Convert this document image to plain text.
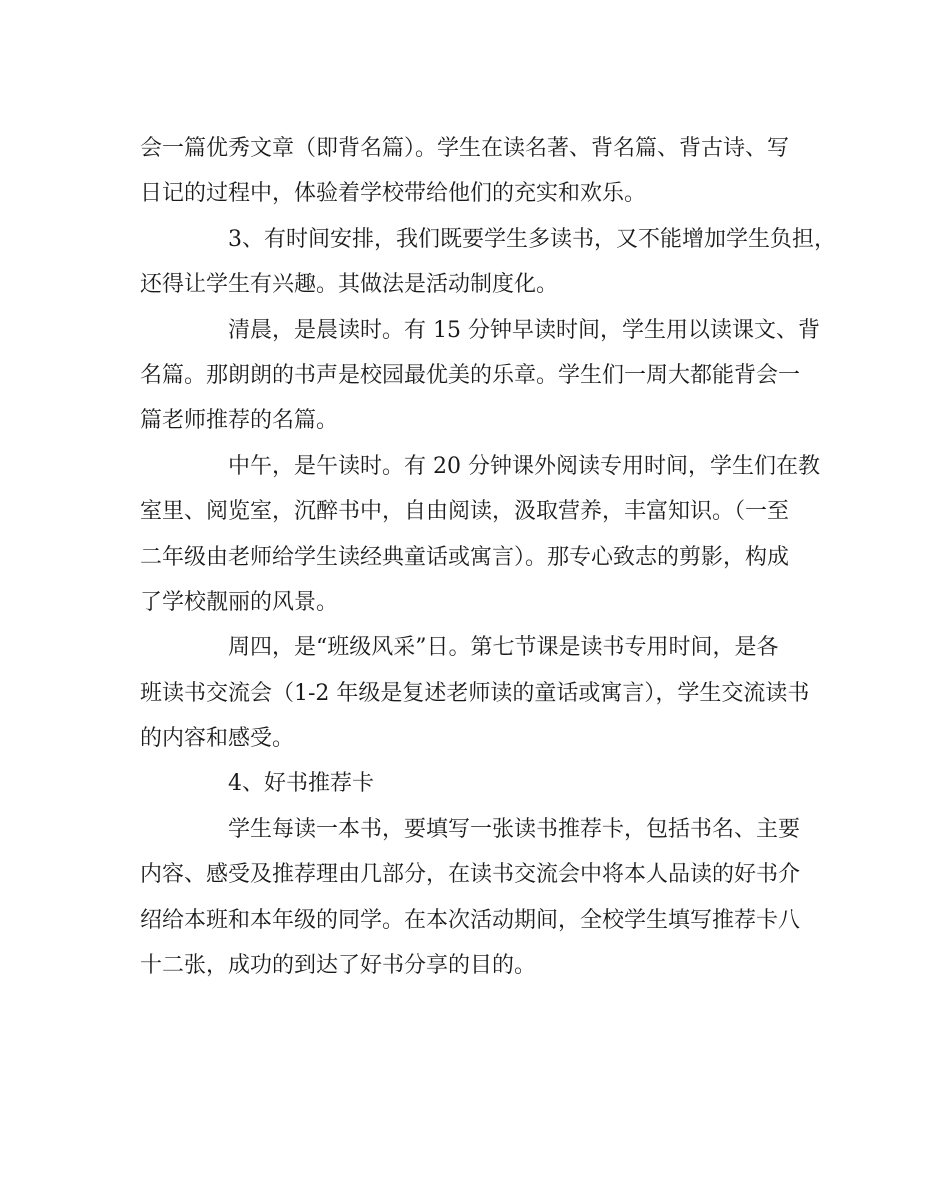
会一篇优秀文章（即背名篇）。学生在读名著、背名篇、背古诗、写
日记的过程中，体验着学校带给他们的充实和欢乐。
3、有时间安排，我们既要学生多读书，又不能增加学生负担，
还得让学生有兴趣。其做法是活动制度化。
清晨，是晨读时。有 15 分钟早读时间，学生用以读课文、背
名篇。那朗朗的书声是校园最优美的乐章。学生们一周大都能背会一
篇老师推荐的名篇。
中午，是午读时。有 20 分钟课外阅读专用时间，学生们在教
室里、阅览室，沉醉书中，自由阅读，汲取营养，丰富知识。（一至
二年级由老师给学生读经典童话或寓言）。那专心致志的剪影，构成
了学校靓丽的风景。
周四，是“班级风采”日。第七节课是读书专用时间，是各
班读书交流会（1-2 年级是复述老师读的童话或寓言），学生交流读书
的内容和感受。
4、好书推荐卡
学生每读一本书，要填写一张读书推荐卡，包括书名、主要
内容、感受及推荐理由几部分，在读书交流会中将本人品读的好书介
绍给本班和本年级的同学。在本次活动期间，全校学生填写推荐卡八
十二张，成功的到达了好书分享的目的。
